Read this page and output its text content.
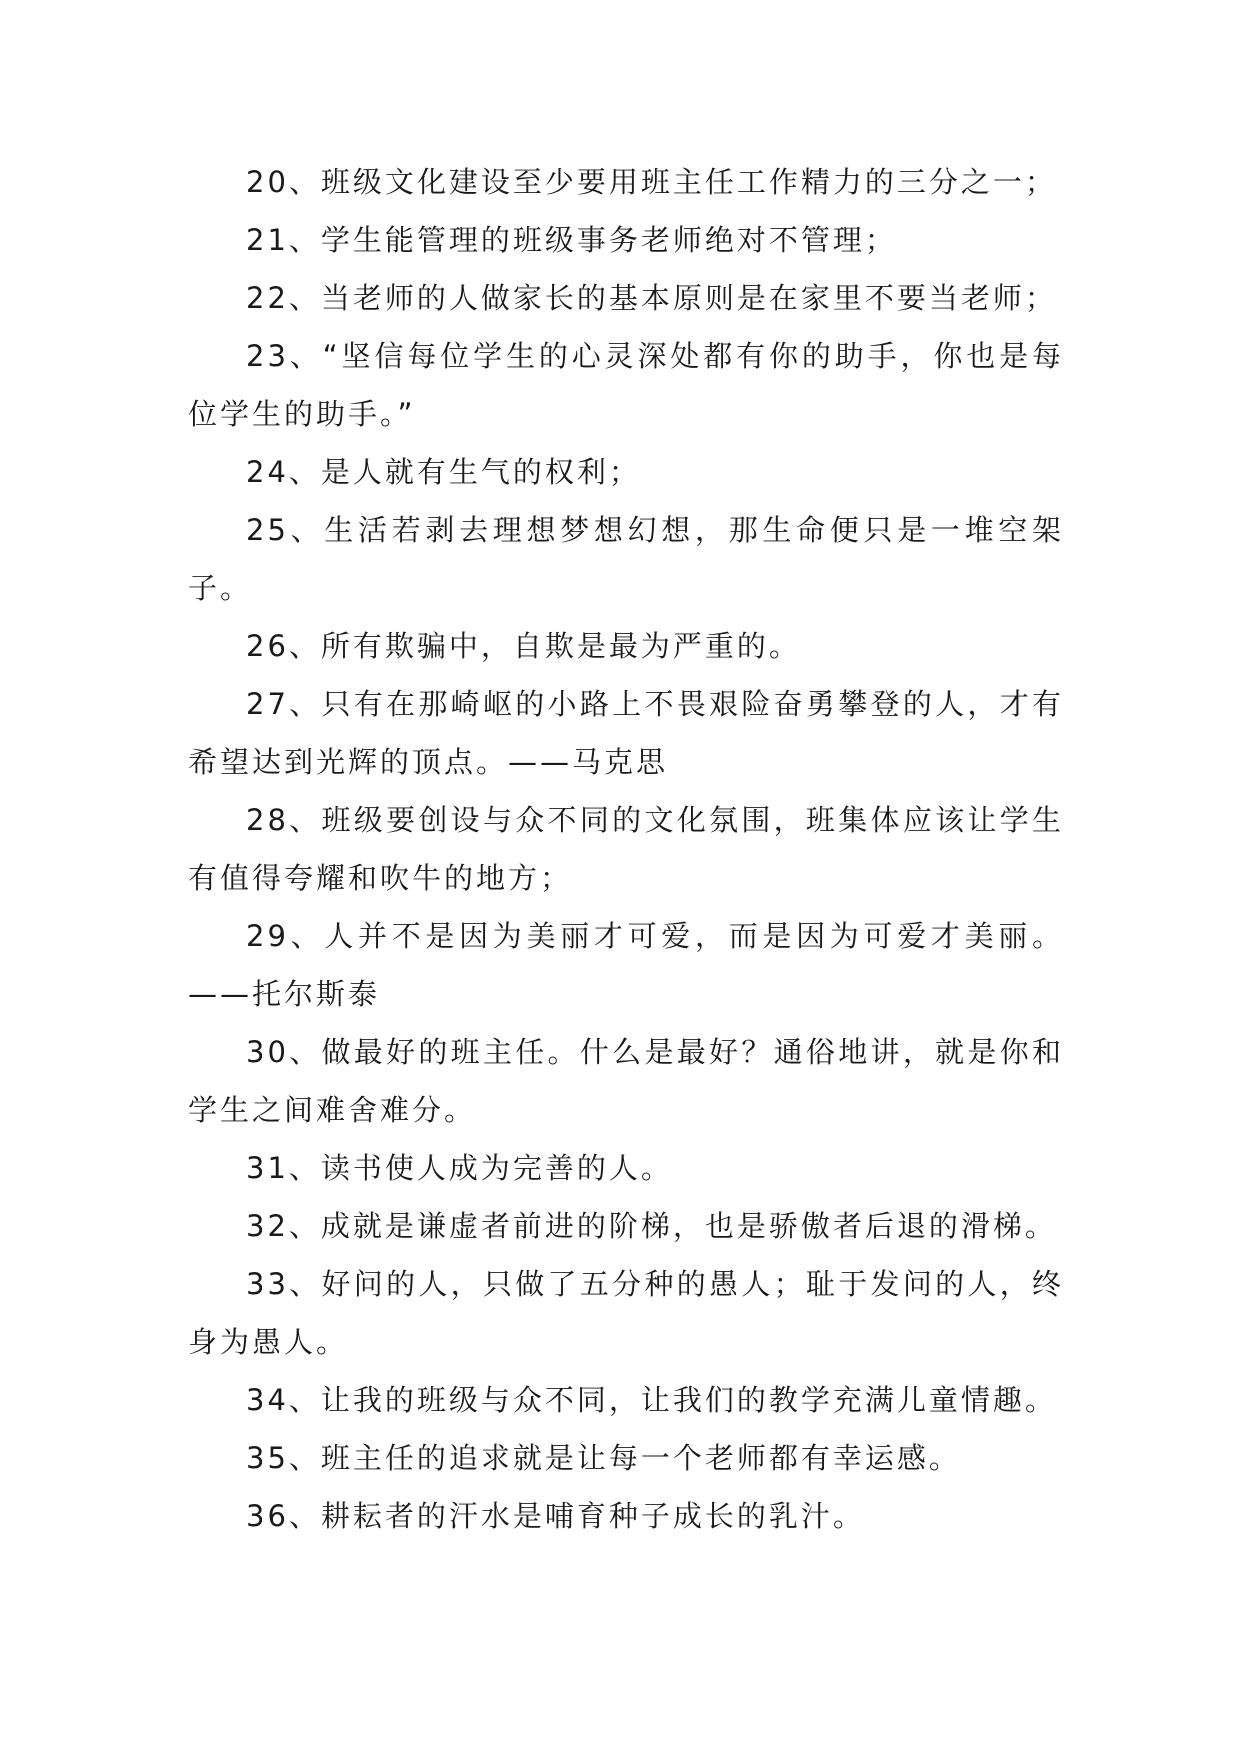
20、班级文化建设至少要用班主任工作精力的三分之一；

21、学生能管理的班级事务老师绝对不管理；

22、当老师的人做家长的基本原则是在家里不要当老师；

23、“坚信每位学生的心灵深处都有你的助手，你也是每位学生的助手。”

24、是人就有生气的权利；

25、生活若剥去理想梦想幻想，那生命便只是一堆空架子。

26、所有欺骗中，自欺是最为严重的。

27、只有在那崎岖的小路上不畏艰险奋勇攀登的人，才有希望达到光辉的顶点。——马克思

28、班级要创设与众不同的文化氛围，班集体应该让学生有值得夸耀和吹牛的地方；

29、人并不是因为美丽才可爱，而是因为可爱才美丽。——托尔斯泰

30、做最好的班主任。什么是最好？通俗地讲，就是你和学生之间难舍难分。

31、读书使人成为完善的人。

32、成就是谦虚者前进的阶梯，也是骄傲者后退的滑梯。

33、好问的人，只做了五分种的愚人；耻于发问的人，终身为愚人。

34、让我的班级与众不同，让我们的教学充满儿童情趣。

35、班主任的追求就是让每一个老师都有幸运感。

36、耕耘者的汗水是哺育种子成长的乳汁。
